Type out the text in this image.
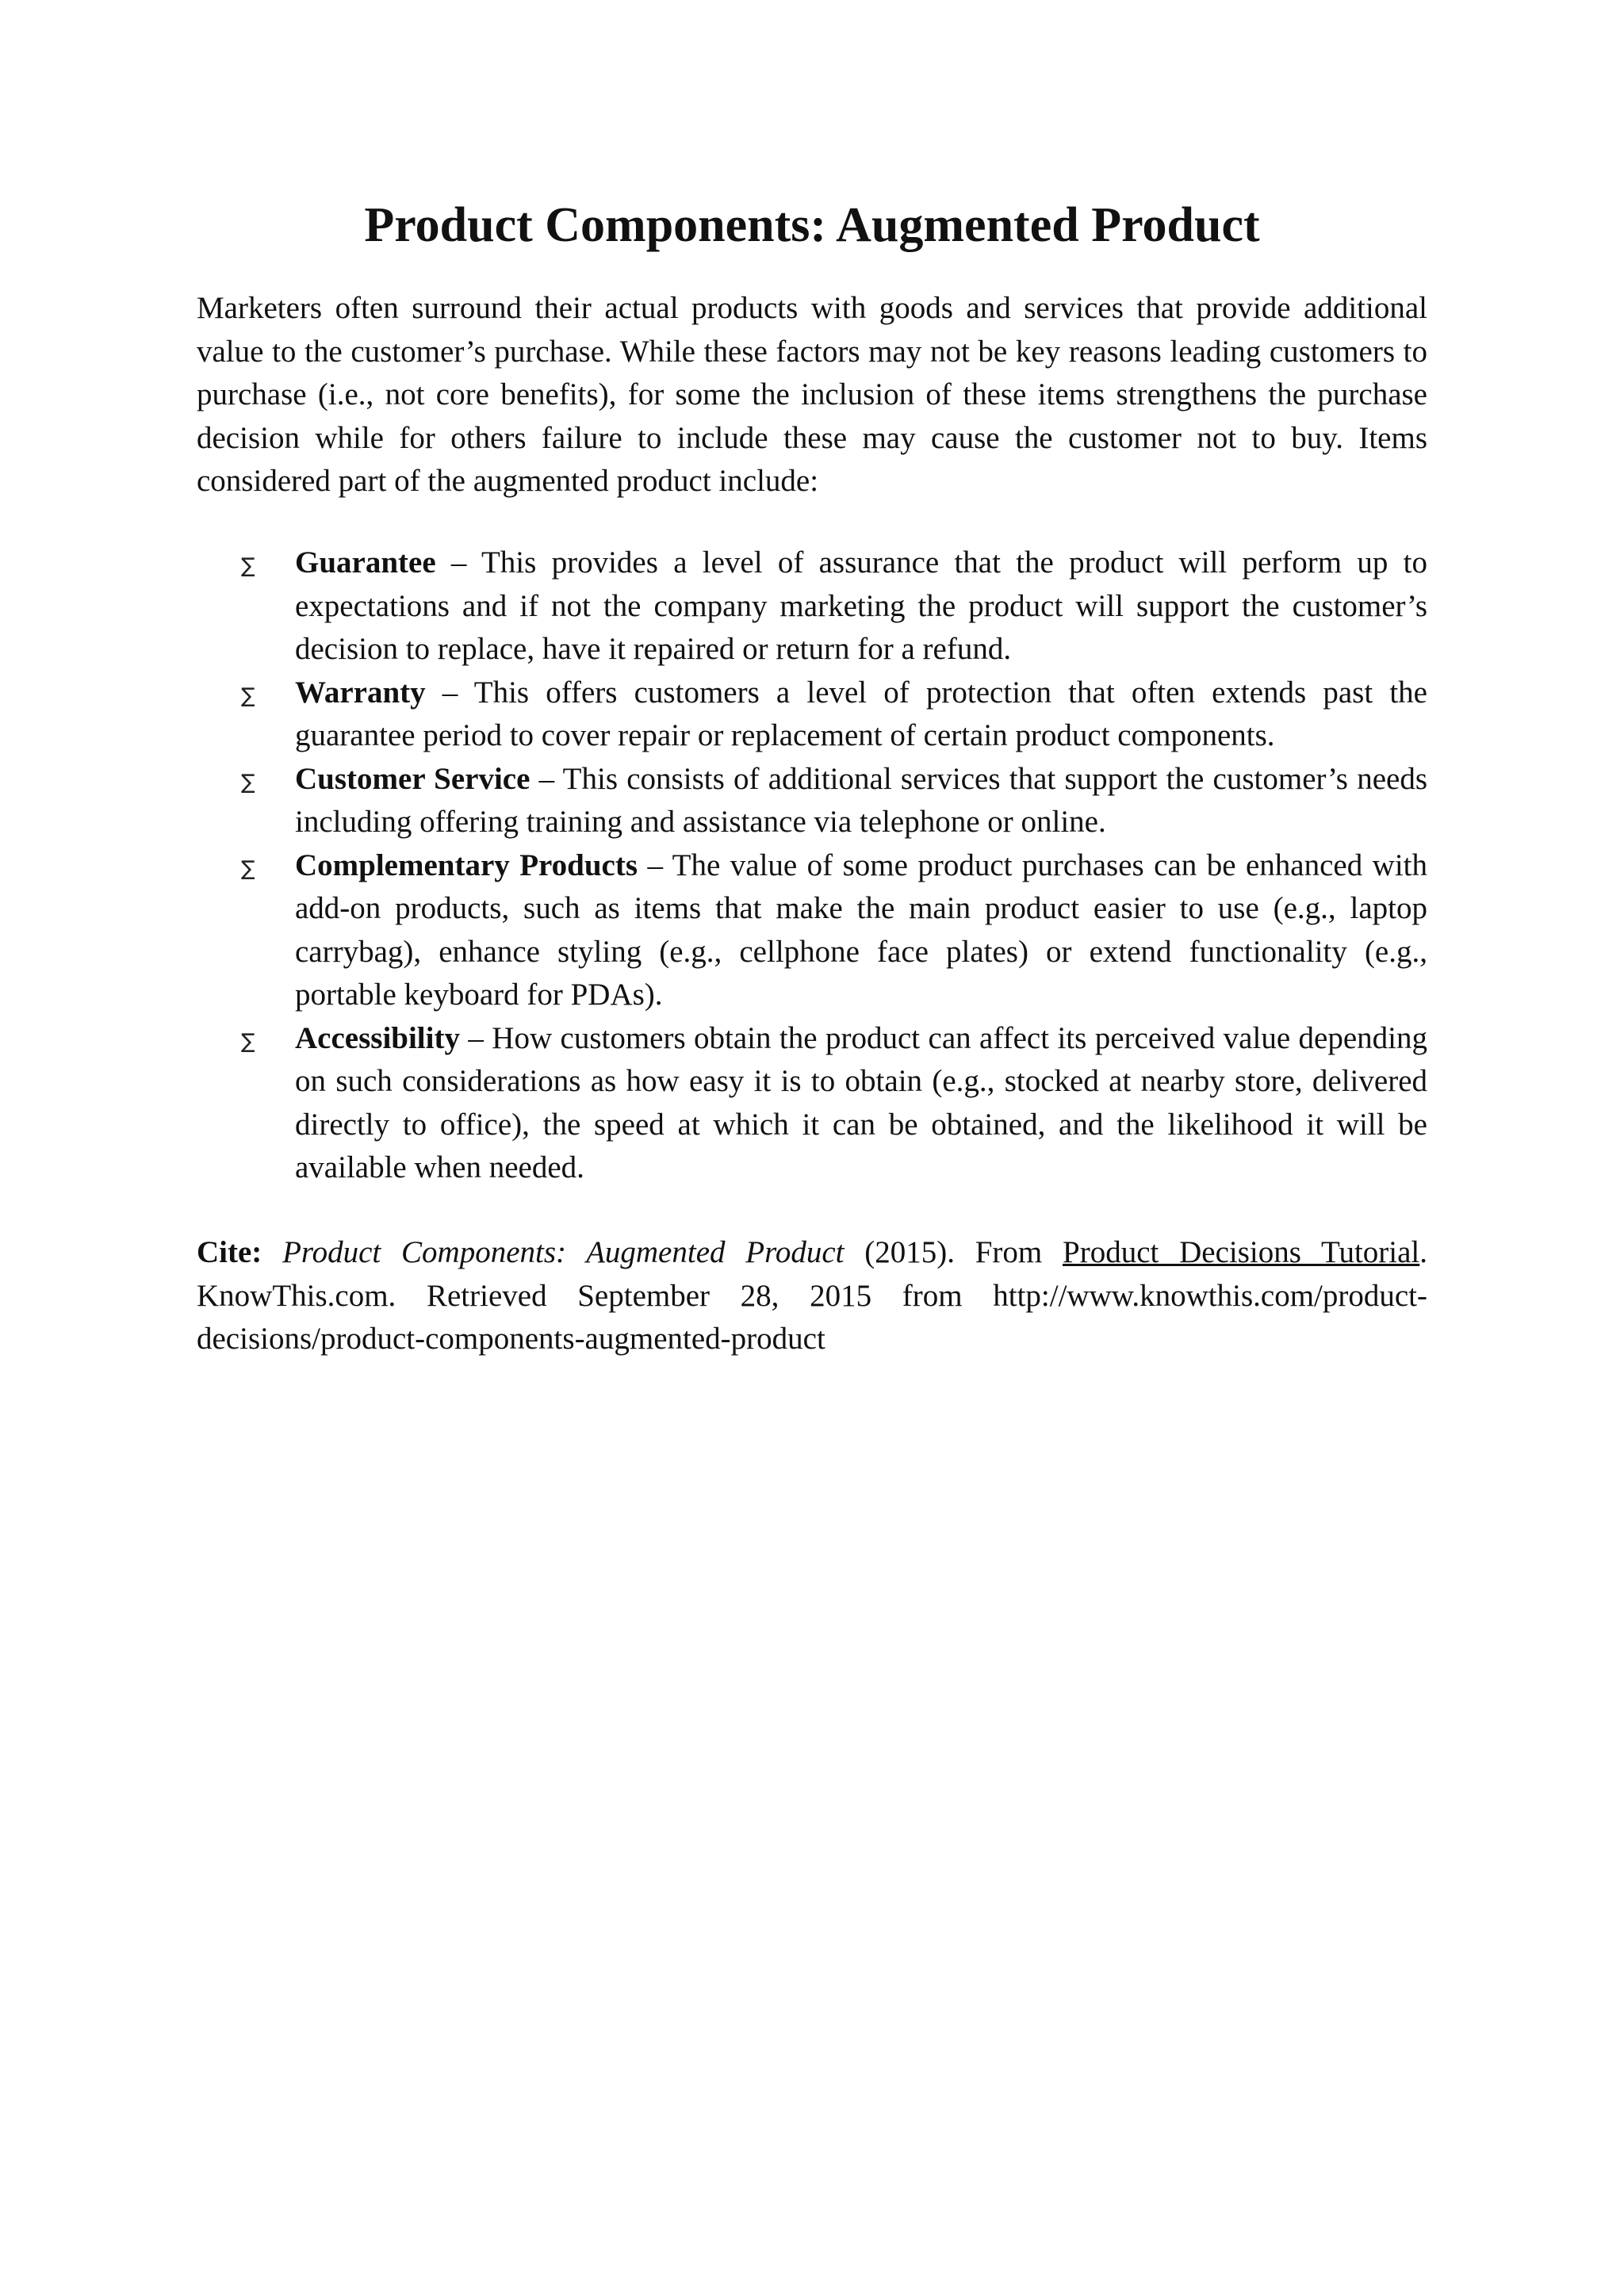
Product Components: Augmented Product

Marketers often surround their actual products with goods and services that provide additional value to the customer’s purchase. While these factors may not be key reasons leading customers to purchase (i.e., not core benefits), for some the inclusion of these items strengthens the purchase decision while for others failure to include these may cause the customer not to buy. Items considered part of the augmented product include:

∑ Guarantee – This provides a level of assurance that the product will perform up to expectations and if not the company marketing the product will support the customer’s decision to replace, have it repaired or return for a refund.
∑ Warranty – This offers customers a level of protection that often extends past the guarantee period to cover repair or replacement of certain product components.
∑ Customer Service – This consists of additional services that support the customer’s needs including offering training and assistance via telephone or online.
∑ Complementary Products – The value of some product purchases can be enhanced with add-on products, such as items that make the main product easier to use (e.g., laptop carrybag), enhance styling (e.g., cellphone face plates) or extend functionality (e.g., portable keyboard for PDAs).
∑ Accessibility – How customers obtain the product can affect its perceived value depending on such considerations as how easy it is to obtain (e.g., stocked at nearby store, delivered directly to office), the speed at which it can be obtained, and the likelihood it will be available when needed.

Cite: Product Components: Augmented Product (2015). From Product Decisions Tutorial. KnowThis.com. Retrieved September 28, 2015 from http://www.knowthis.com/product-decisions/product-components-augmented-product
